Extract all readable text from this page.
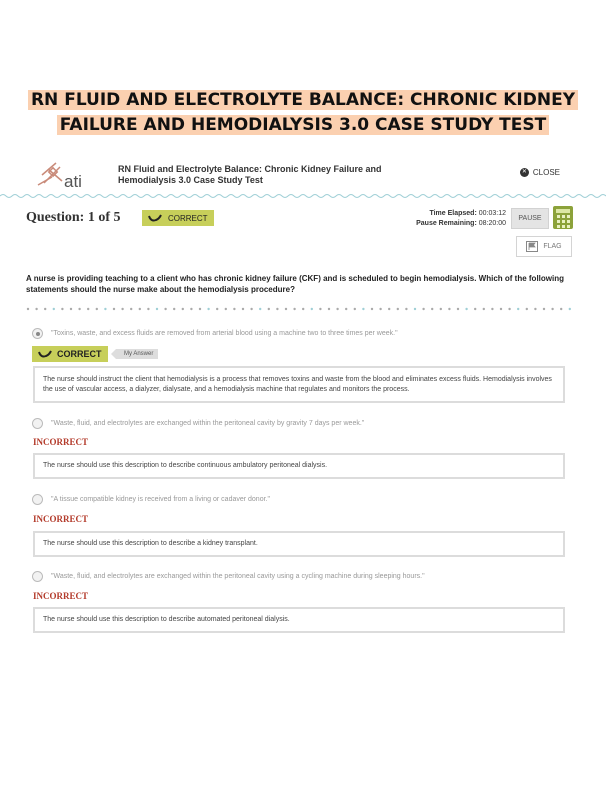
RN FLUID AND ELECTROLYTE BALANCE: CHRONIC KIDNEY FAILURE AND HEMODIALYSIS 3.0 CASE STUDY TEST
ati
RN Fluid and Electrolyte Balance: Chronic Kidney Failure and Hemodialysis 3.0 Case Study Test
✕ CLOSE
Question: 1 of 5	CORRECT	Time Elapsed: 00:03:12
Pause Remaining: 08:20:00
PAUSE
FLAG
A nurse is providing teaching to a client who has chronic kidney failure (CKF) and is scheduled to begin hemodialysis. Which of the following statements should the nurse make about the hemodialysis procedure?
"Toxins, waste, and excess fluids are removed from arterial blood using a machine two to three times per week."
CORRECT	My Answer
The nurse should instruct the client that hemodialysis is a process that removes toxins and waste from the blood and eliminates excess fluids. Hemodialysis involves the use of vascular access, a dialyzer, dialysate, and a hemodialysis machine that regulates and monitors the process.
"Waste, fluid, and electrolytes are exchanged within the peritoneal cavity by gravity 7 days per week."
INCORRECT
The nurse should use this description to describe continuous ambulatory peritoneal dialysis.
"A tissue compatible kidney is received from a living or cadaver donor."
INCORRECT
The nurse should use this description to describe a kidney transplant.
"Waste, fluid, and electrolytes are exchanged within the peritoneal cavity using a cycling machine during sleeping hours."
INCORRECT
The nurse should use this description to describe automated peritoneal dialysis.
